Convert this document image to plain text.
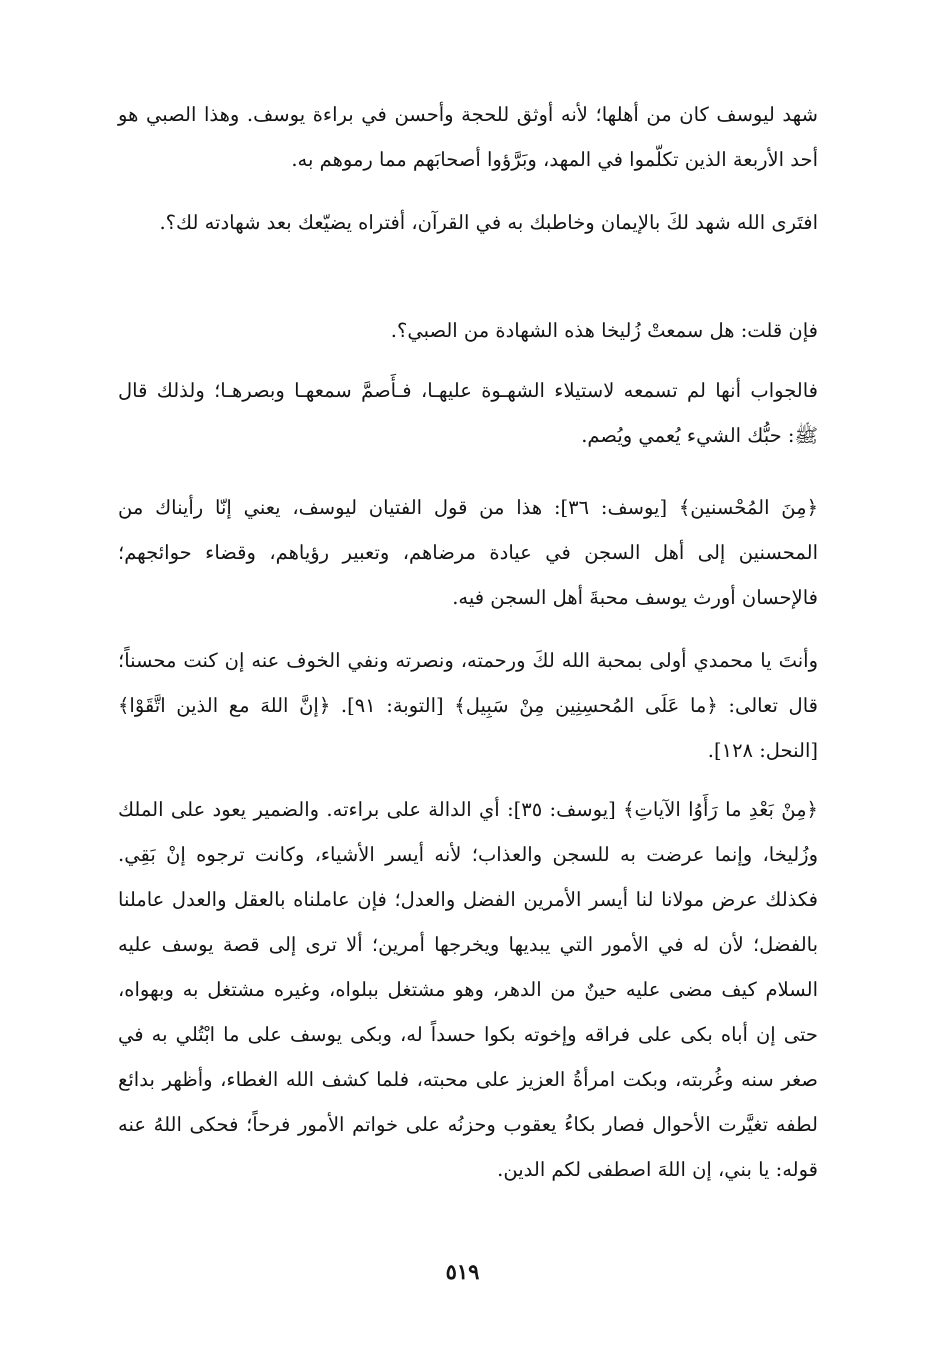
شهد ليوسف كان من أهلها؛ لأنه أوثق للحجة وأحسن في براءة يوسف. وهذا الصبي هو أحد الأربعة الذين تكلّموا في المهد، وبَرَّؤوا أصحابَهم مما رموهم به.

افتَرى الله شهد لكَ بالإيمان وخاطبك به في القرآن، أفتراه يضيّعك بعد شهادته لك؟.

فإن قلت: هل سمعتْ زُليخا هذه الشهادة من الصبي؟.

فالجواب أنها لم تسمعه لاستيلاء الشهـوة عليهـا، فـأَصمَّ سمعهـا وبصرهـا؛ ولذلك قال ﷺ: حبُّك الشيء يُعمي ويُصم.

﴿مِنَ المُحْسنين﴾ [يوسف: ٣٦]: هذا من قول الفتيان ليوسف، يعني إنّا رأيناك من المحسنين إلى أهل السجن في عيادة مرضاهم، وتعبير رؤياهم، وقضاء حوائجهم؛ فالإحسان أورث يوسف محبةَ أهل السجن فيه.

وأنتَ يا محمدي أولى بمحبة الله لكَ ورحمته، ونصرته ونفي الخوف عنه إن كنت محسناً؛ قال تعالى: ﴿ما عَلَى المُحسِنِين مِنْ سَبِيل﴾ [التوبة: ٩١]. ﴿إنَّ اللهَ مع الذين اتَّقَوْا﴾ [النحل: ١٢٨].

﴿مِنْ بَعْدِ ما رَأَوُا الآياتِ﴾ [يوسف: ٣٥]: أي الدالة على براءته. والضمير يعود على الملك وزُليخا، وإنما عرضت به للسجن والعذاب؛ لأنه أيسر الأشياء، وكانت ترجوه إنْ بَقِي. فكذلك عرض مولانا لنا أيسر الأمرين الفضل والعدل؛ فإن عاملناه بالعقل والعدل عاملنا بالفضل؛ لأن له في الأمور التي يبديها ويخرجها أمرين؛ ألا ترى إلى قصة يوسف عليه السلام كيف مضى عليه حينٌ من الدهر، وهو مشتغل ببلواه، وغيره مشتغل به وبهواه، حتى إن أباه بكى على فراقه وإخوته بكوا حسداً له، وبكى يوسف على ما ابْتُلي به في صغر سنه وغُربته، وبكت امرأةُ العزيز على محبته، فلما كشف الله الغطاء، وأظهر بدائع لطفه تغيَّرت الأحوال فصار بكاءُ يعقوب وحزنُه على خواتم الأمور فرحاً؛ فحكى اللهُ عنه قوله: يا بني، إن اللهَ اصطفى لكم الدين.

٥١٩
